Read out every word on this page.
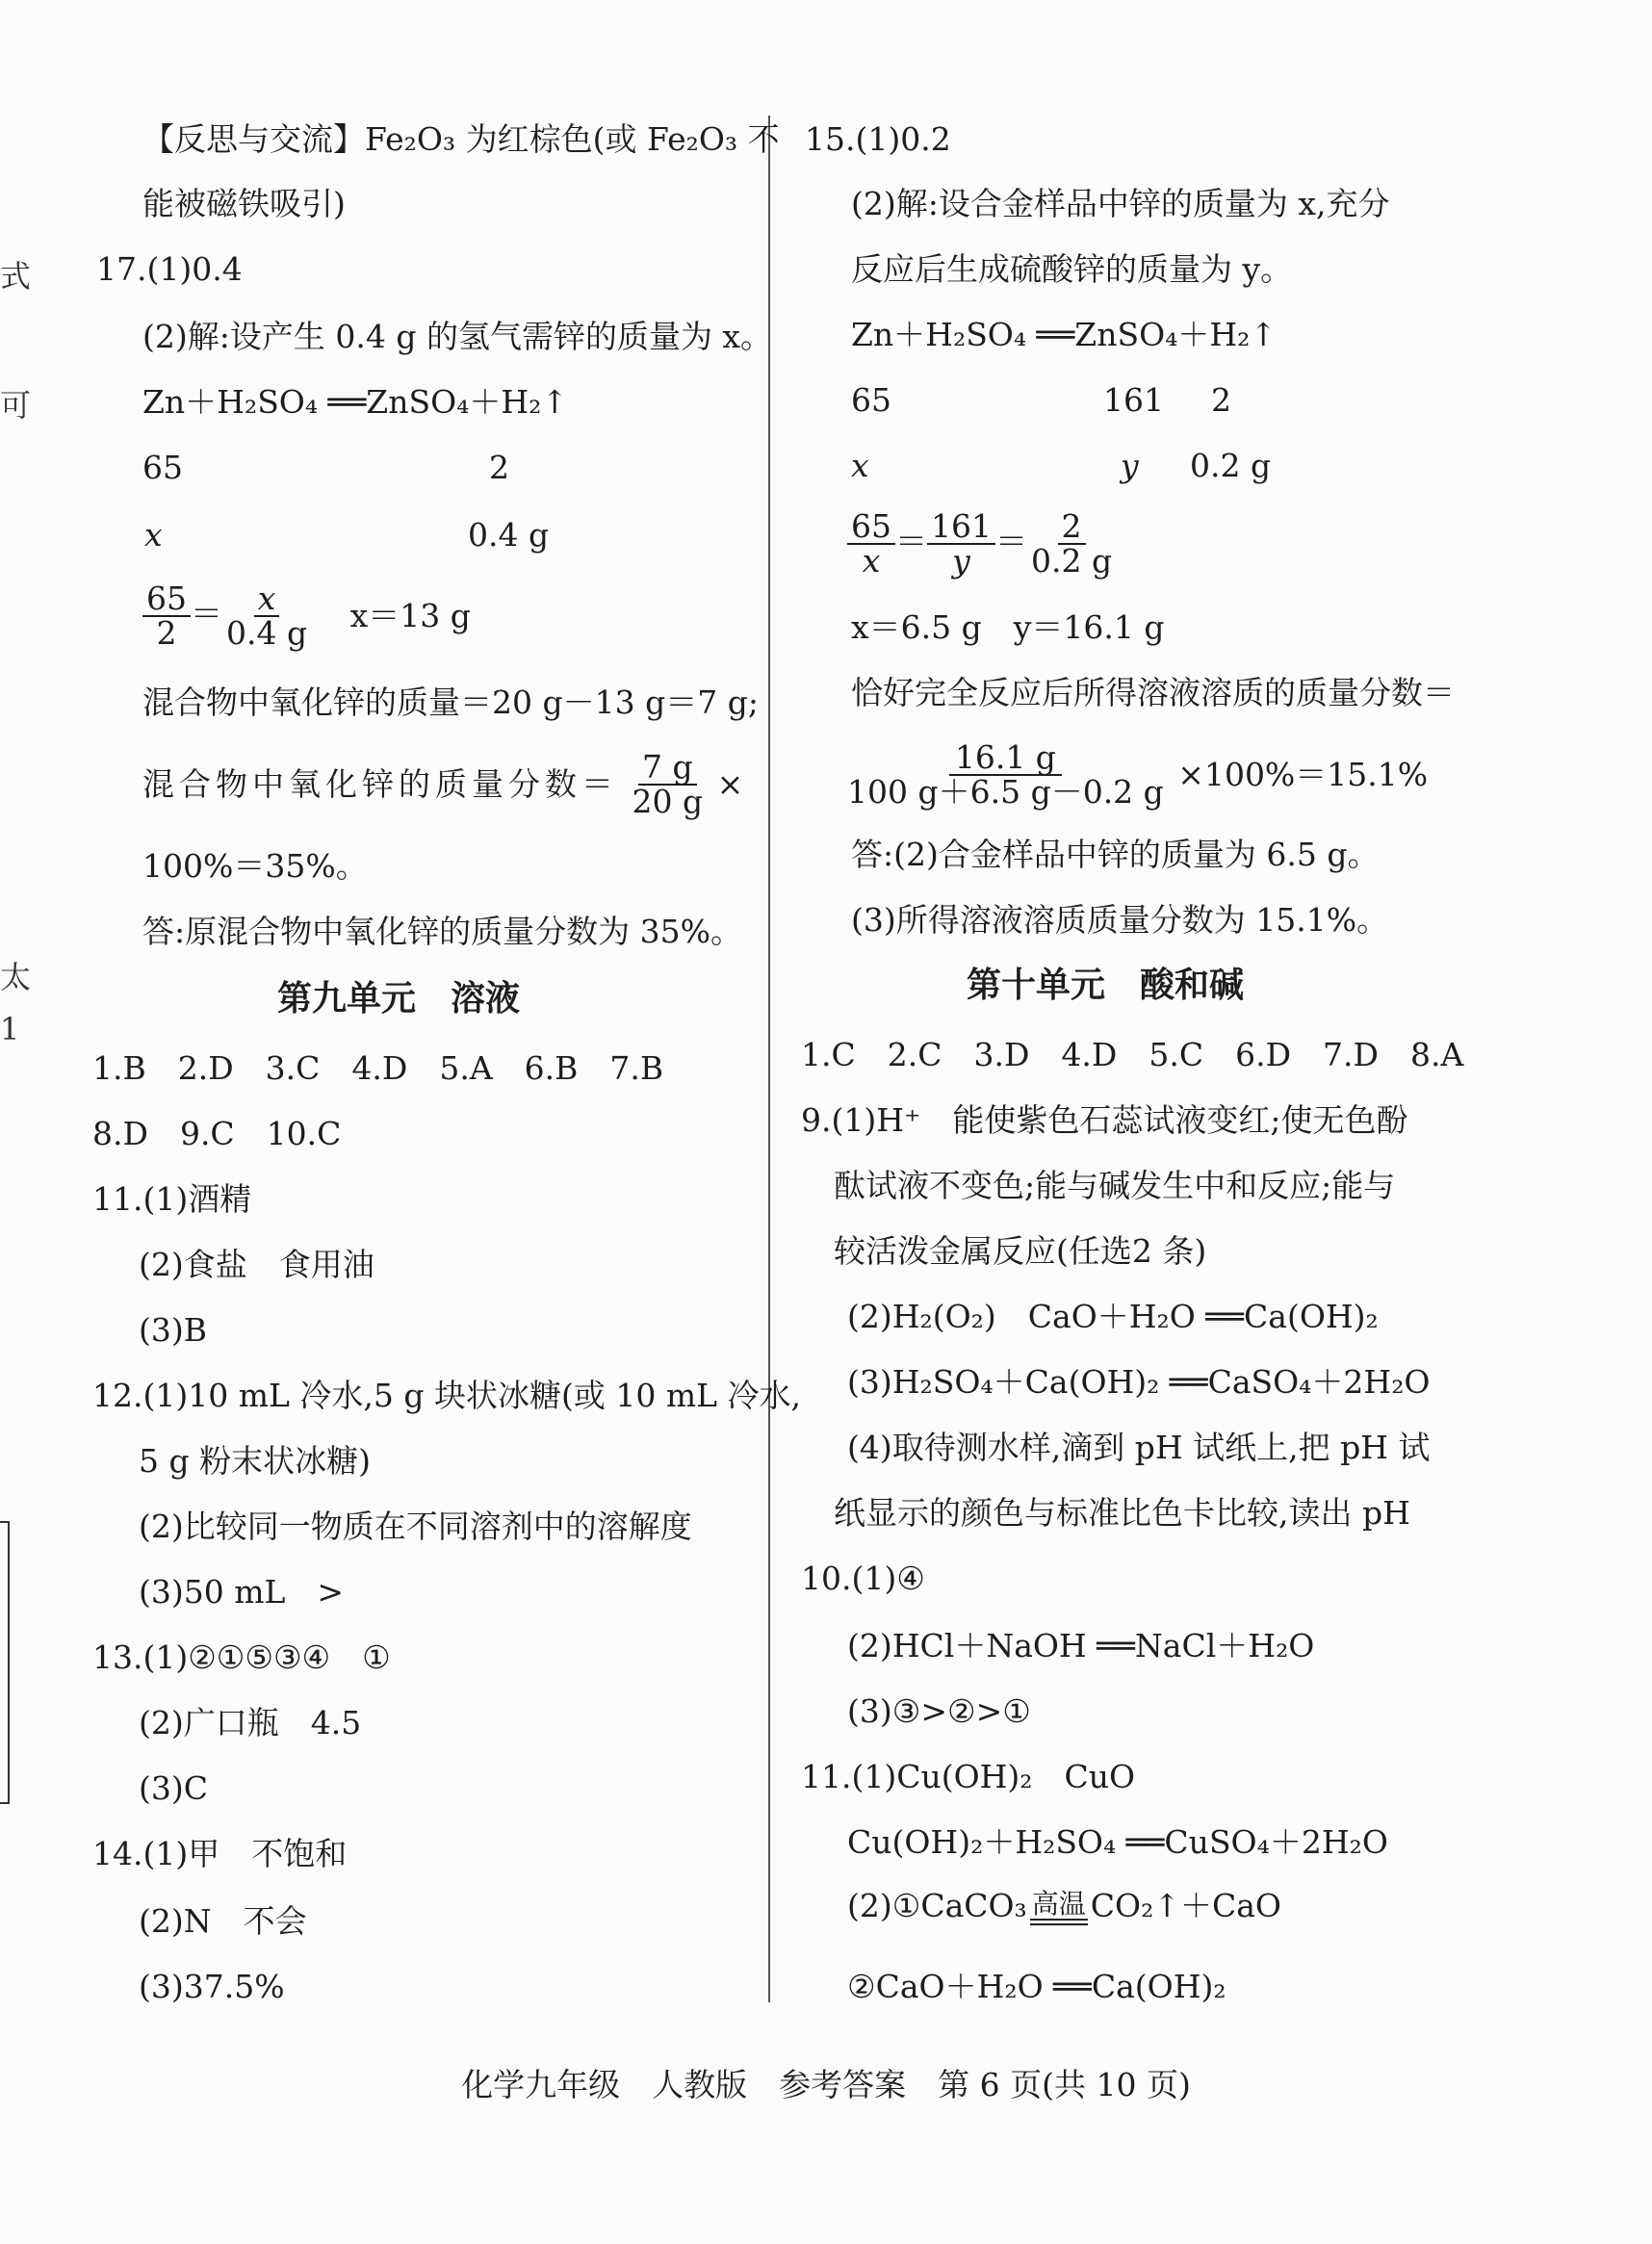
式
可
太
1
【反思与交流】Fe₂O₃ 为红棕色(或 Fe₂O₃ 不
能被磁铁吸引)
17.(1)0.4
(2)解:设产生 0.4 g 的氢气需锌的质量为 x。
Zn＋H₂SO₄ ══ZnSO₄＋H₂↑
65	2
x	0.4 g
$\frac{65}{2} = \frac{x}{0.4 g} x=13$ g
混合物中氧化锌的质量＝20 g－13 g＝7 g;
混合物中氧化锌的质量分数＝ $\frac{7 g}{20 g}$ ×
100%＝35%。
答:原混合物中氧化锌的质量分数为 35%。
第九单元　溶液
1.B　2.D　3.C　4.D　5.A　6.B　7.B
8.D　9.C　10.C
11.(1)酒精
(2)食盐　食用油
(3)B
12.(1)10 mL 冷水,5 g 块状冰糖(或 10 mL 冷水,
5 g 粉末状冰糖)
(2)比较同一物质在不同溶剂中的溶解度
(3)50 mL　>
13.(1)②①⑤③④　①
(2)广口瓶　4.5
(3)C
14.(1)甲　不饱和
(2)N　不会
(3)37.5%
15.(1)0.2
(2)解:设合金样品中锌的质量为 x,充分
反应后生成硫酸锌的质量为 y。
Zn＋H₂SO₄ ══ZnSO₄＋H₂↑
65	161 2
x	y 0.2 g
$\frac{65}{x} = \frac{161}{y} = \frac{2}{0.2 g}$
x＝6.5 g　y＝16.1 g
恰好完全反应后所得溶液溶质的质量分数＝
$\frac{16.1 g}{100 g+6.5 g-0.2 g} \times 100\%=15.1\%$
答:(2)合金样品中锌的质量为 6.5 g。
(3)所得溶液溶质质量分数为 15.1%。
第十单元　酸和碱
1.C　2.C　3.D　4.D　5.C　6.D　7.D　8.A
9.(1)H⁺　能使紫色石蕊试液变红;使无色酚
酞试液不变色;能与碱发生中和反应;能与
较活泼金属反应(任选2 条)
(2)H₂(O₂)　CaO＋H₂O ══Ca(OH)₂
(3)H₂SO₄＋Ca(OH)₂ ══CaSO₄＋2H₂O
(4)取待测水样,滴到 pH 试纸上,把 pH 试
纸显示的颜色与标准比色卡比较,读出 pH
10.(1)④
(2)HCl＋NaOH ══NaCl＋H₂O
(3)③>②>①
11.(1)Cu(OH)₂　CuO
Cu(OH)₂＋H₂SO₄ ══CuSO₄＋2H₂O
(2)①CaCO₃ 高温 CO₂↑＋CaO
②CaO＋H₂O ══Ca(OH)₂
化学九年级　人教版　参考答案　第 6 页(共 10 页)
